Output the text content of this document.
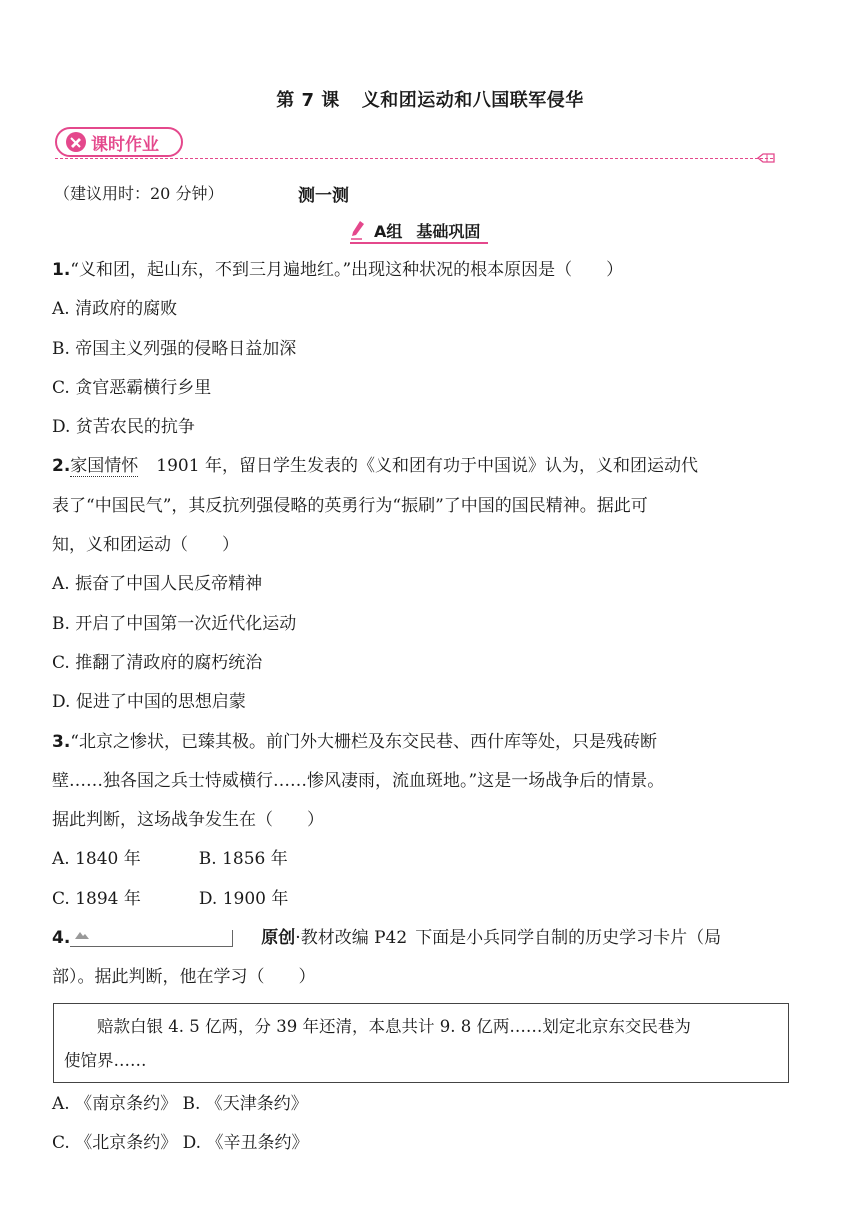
第 7 课 义和团运动和八国联军侵华
课时作业
（建议用时：20 分钟）	测一测
A组 基础巩固
1.“义和团，起山东，不到三月遍地红。”出现这种状况的根本原因是（　　）
A. 清政府的腐败
B. 帝国主义列强的侵略日益加深
C. 贪官恶霸横行乡里
D. 贫苦农民的抗争
2.家国情怀 1901 年，留日学生发表的《义和团有功于中国说》认为，义和团运动代
表了“中国民气”，其反抗列强侵略的英勇行为“振刷”了中国的国民精神。据此可
知，义和团运动（　　）
A. 振奋了中国人民反帝精神
B. 开启了中国第一次近代化运动
C. 推翻了清政府的腐朽统治
D. 促进了中国的思想启蒙
3.“北京之惨状，已臻其极。前门外大栅栏及东交民巷、西什库等处，只是残砖断
壁……独各国之兵士恃威横行……惨风凄雨，流血斑地。”这是一场战争后的情景。
据此判断，这场战争发生在（　　）
A. 1840 年	B. 1856 年
C. 1894 年	D. 1900 年
4.	原创·教材改编 P42 下面是小兵同学自制的历史学习卡片（局
部）。据此判断，他在学习（　　）
赔款白银 4. 5 亿两，分 39 年还清，本息共计 9. 8 亿两……划定北京东交民巷为
使馆界……
A. 《南京条约》 B. 《天津条约》
C. 《北京条约》 D. 《辛丑条约》
